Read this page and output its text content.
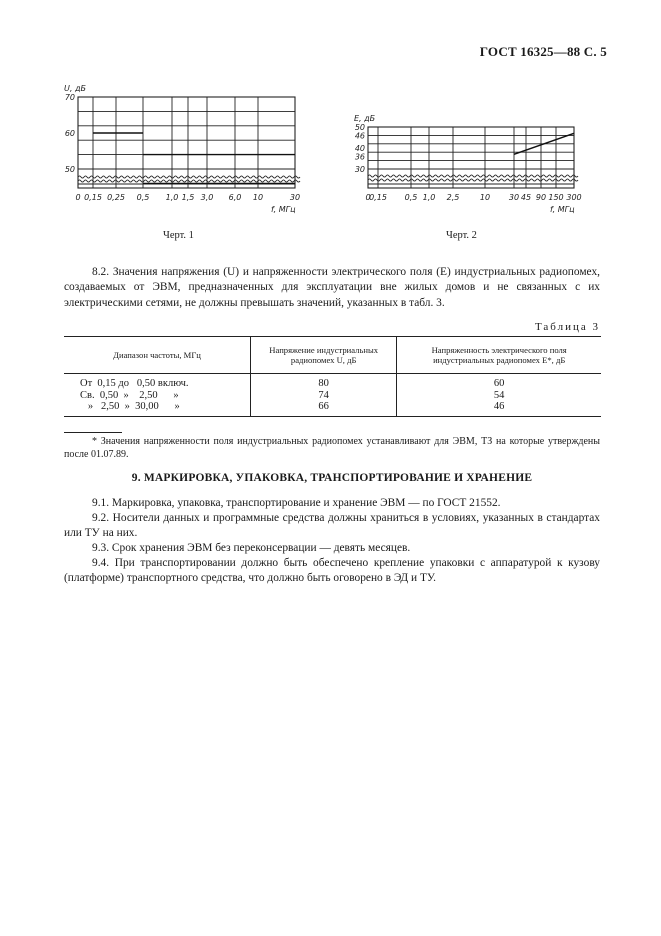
ГОСТ 16325—88 С. 5
70
60
50
0 0,15 0,25 0,5 1,0 1,5 3,0 6,0 10	30
U, дБ
f, МГц
Черт. 1
50
46
40
36
30
0
0,15 0,5 1,0 2,5	10 30 45 90 150 300
E, дБ
f, МГц
Черт. 2
8.2. Значения напряжения (U) и напряженности электрического поля (E) индустриальных радиопомех, создаваемых от ЭВМ, предназначенных для эксплуатации вне жилых домов и не связанных с их электрическими сетями, не должны превышать значений, указанных в табл. 3.
Таблица 3
Диапазон частоты, МГц	Напряжение индустриальных радиопомех U, дБ	Напряженность электрического поля индустриальных радиопомех E*, дБ
От  0,15 до   0,50 включ.	80	60
Св.  0,50  »    2,50      »	74	54
»   2,50  »  30,00      »	66	46
* Значения напряженности поля индустриальных радиопомех устанавливают для ЭВМ, ТЗ на которые утверждены после 01.07.89.
9. МАРКИРОВКА, УПАКОВКА, ТРАНСПОРТИРОВАНИЕ И ХРАНЕНИЕ
9.1. Маркировка, упаковка, транспортирование и хранение ЭВМ — по ГОСТ 21552.
9.2. Носители данных и программные средства должны храниться в условиях, указанных в стандартах или ТУ на них.
9.3. Срок хранения ЭВМ без переконсервации — девять месяцев.
9.4. При транспортировании должно быть обеспечено крепление упаковки с аппаратурой к кузову (платформе) транспортного средства, что должно быть оговорено в ЭД и ТУ.
